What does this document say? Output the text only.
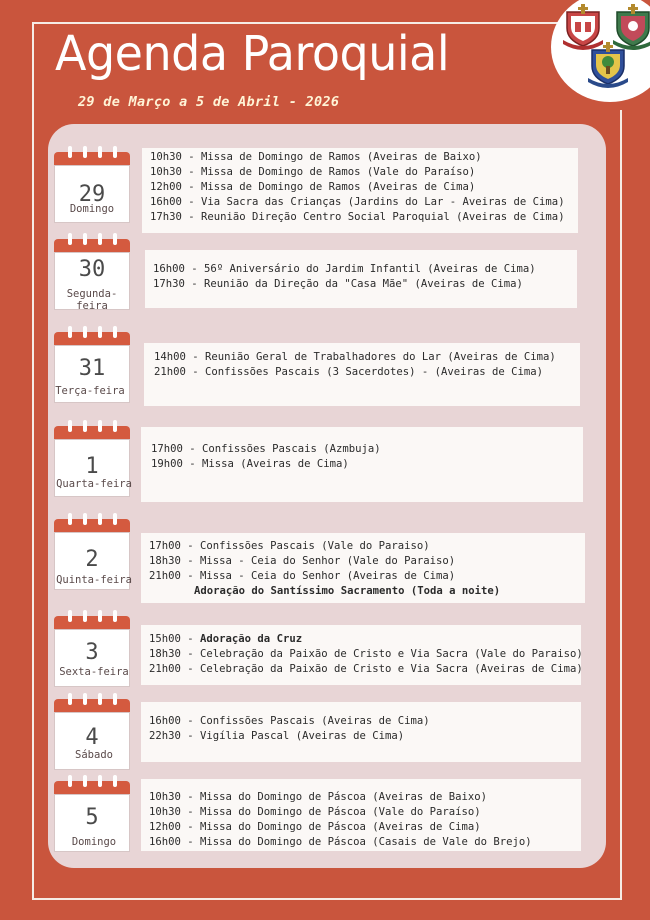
Agenda Paroquial
29 de Março a 5 de Abril - 2026
29
Domingo
10h30 - Missa de Domingo de Ramos (Aveiras de Baixo)
10h30 - Missa de Domingo de Ramos (Vale do Paraíso)
12h00 - Missa de Domingo de Ramos (Aveiras de Cima)
16h00 - Via Sacra das Crianças (Jardins do Lar - Aveiras de Cima)
17h30 - Reunião Direção Centro Social Paroquial (Aveiras de Cima)
30
Segunda-feira
16h00 - 56º Aniversário do Jardim Infantil (Aveiras de Cima)
17h30 - Reunião da Direção da "Casa Mãe" (Aveiras de Cima)
31
Terça-feira
14h00 - Reunião Geral de Trabalhadores do Lar (Aveiras de Cima)
21h00 - Confissões Pascais (3 Sacerdotes) - (Aveiras de Cima)
1
Quarta-feira
17h00 - Confissões Pascais (Azmbuja)
19h00 - Missa (Aveiras de Cima)
2
Quinta-feira
17h00 - Confissões Pascais (Vale do Paraiso)
18h30 - Missa - Ceia do Senhor (Vale do Paraiso)
21h00 - Missa - Ceia do Senhor (Aveiras de Cima)
Adoração do Santíssimo Sacramento (Toda a noite)
3
Sexta-feira
15h00 - Adoração da Cruz
18h30 - Celebração da Paixão de Cristo e Via Sacra (Vale do Paraiso)
21h00 - Celebração da Paixão de Cristo e Via Sacra (Aveiras de Cima)
4
Sábado
16h00 - Confissões Pascais (Aveiras de Cima)
22h30 - Vigília Pascal (Aveiras de Cima)
5
Domingo
10h30 - Missa do Domingo de Páscoa (Aveiras de Baixo)
10h30 - Missa do Domingo de Páscoa (Vale do Paraíso)
12h00 - Missa do Domingo de Páscoa (Aveiras de Cima)
16h00 - Missa do Domingo de Páscoa (Casais de Vale do Brejo)
